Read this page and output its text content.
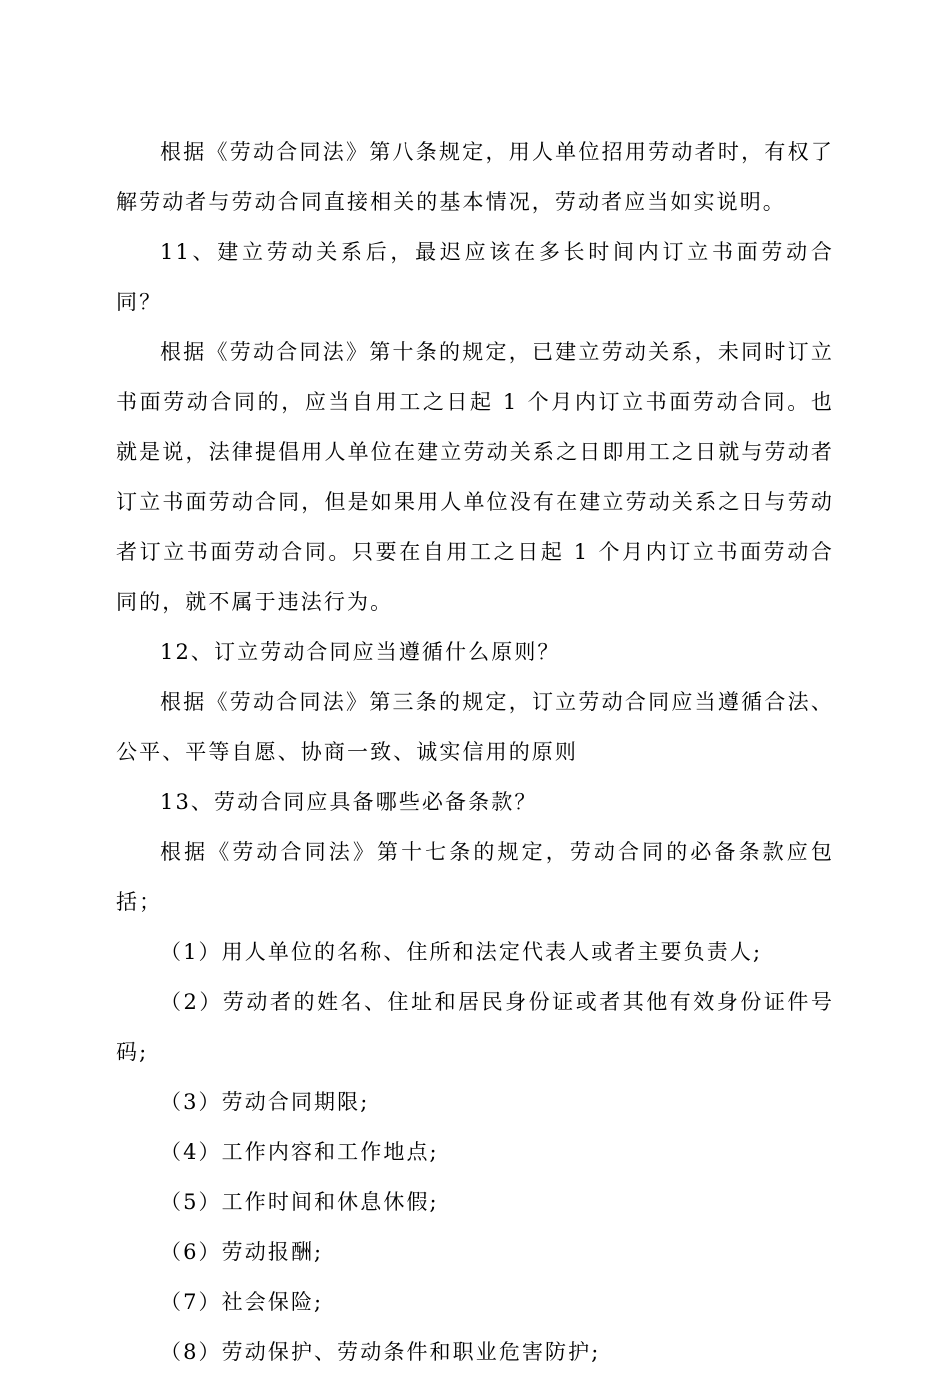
根据《劳动合同法》第八条规定，用人单位招用劳动者时，有权了解劳动者与劳动合同直接相关的基本情况，劳动者应当如实说明。

11、建立劳动关系后，最迟应该在多长时间内订立书面劳动合同？

根据《劳动合同法》第十条的规定，已建立劳动关系，未同时订立书面劳动合同的，应当自用工之日起 1 个月内订立书面劳动合同。也就是说，法律提倡用人单位在建立劳动关系之日即用工之日就与劳动者订立书面劳动合同，但是如果用人单位没有在建立劳动关系之日与劳动者订立书面劳动合同。只要在自用工之日起 1 个月内订立书面劳动合同的，就不属于违法行为。

12、订立劳动合同应当遵循什么原则？

根据《劳动合同法》第三条的规定，订立劳动合同应当遵循合法、公平、平等自愿、协商一致、诚实信用的原则

13、劳动合同应具备哪些必备条款？

根据《劳动合同法》第十七条的规定，劳动合同的必备条款应包括；

（1）用人单位的名称、住所和法定代表人或者主要负责人;

（2）劳动者的姓名、住址和居民身份证或者其他有效身份证件号码;

（3）劳动合同期限;

（4）工作内容和工作地点;

（5）工作时间和休息休假;

（6）劳动报酬;

（7）社会保险;

（8）劳动保护、劳动条件和职业危害防护;
